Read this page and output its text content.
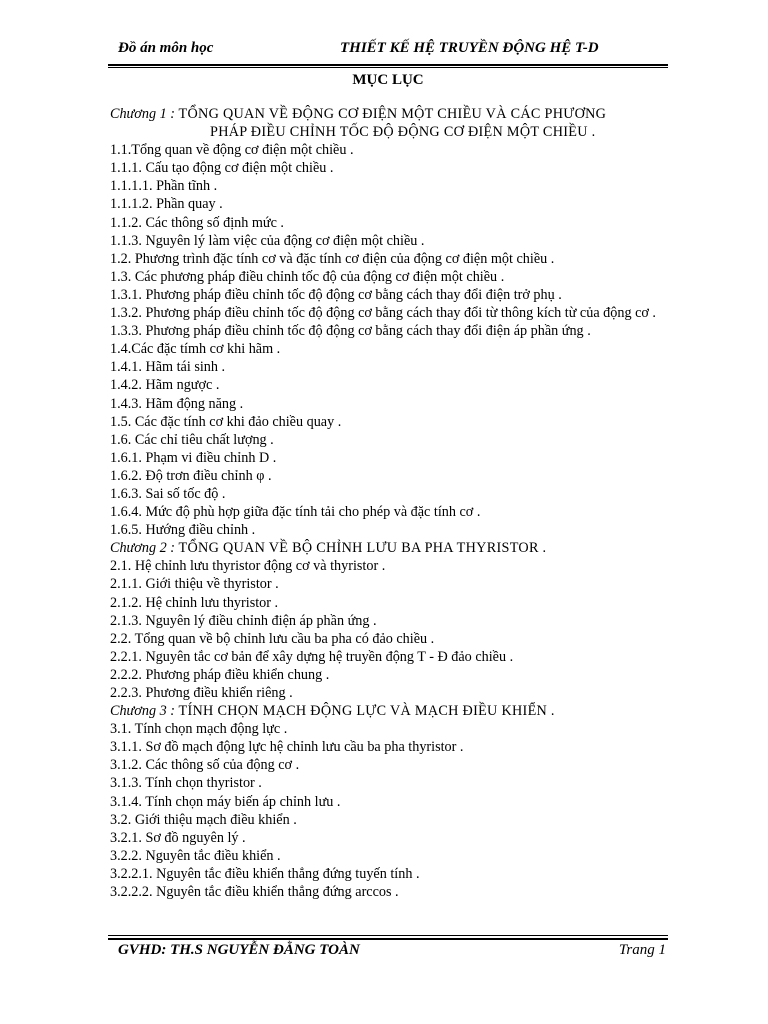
Đồ án môn học	THIẾT KẾ HỆ TRUYỀN ĐỘNG HỆ T-D
MỤC LỤC
Chương 1 : TỔNG QUAN VỀ ĐỘNG CƠ ĐIỆN MỘT CHIỀU VÀ CÁC PHƯƠNG
PHÁP ĐIỀU CHỈNH TỐC ĐỘ ĐỘNG CƠ ĐIỆN MỘT CHIỀU .
1.1.Tổng quan về động cơ điện một chiều .
1.1.1. Cấu tạo động cơ điện một chiều .
1.1.1.1. Phần tĩnh .
1.1.1.2. Phần quay .
1.1.2. Các thông số định mức .
1.1.3. Nguyên lý làm việc của động cơ điện một chiều .
1.2. Phương trình đặc tính cơ và đặc tính cơ điện của động cơ điện một chiều .
1.3. Các phương pháp điều chỉnh tốc độ của động cơ điện một chiều .
1.3.1. Phương pháp điều chỉnh tốc độ động cơ bằng cách thay đổi điện trở phụ .
1.3.2. Phương pháp điều chỉnh tốc độ động cơ bằng cách thay đổi từ thông kích từ của động cơ .
1.3.3. Phương pháp điều chỉnh tốc độ động cơ bằng cách thay đổi điện áp phần ứng .
1.4.Các đặc tímh cơ khi hãm .
1.4.1. Hãm tái sinh .
1.4.2. Hãm ngược .
1.4.3. Hãm động năng .
1.5. Các đặc tính cơ khi đảo chiều quay .
1.6. Các chỉ tiêu chất lượng .
1.6.1. Phạm vi điều chỉnh D .
1.6.2. Độ trơn điều chỉnh φ .
1.6.3. Sai số tốc độ .
1.6.4. Mức độ phù hợp giữa đặc tính tải cho phép và đặc tính cơ .
1.6.5. Hướng điều chỉnh .
Chương 2 : TỔNG QUAN VỀ BỘ CHỈNH LƯU BA PHA THYRISTOR .
2.1. Hệ chỉnh lưu thyristor động cơ và thyristor .
2.1.1. Giới thiệu về thyristor .
2.1.2. Hệ chỉnh lưu thyristor .
2.1.3. Nguyên lý điều chỉnh điện áp phần ứng .
2.2. Tổng quan về bộ chỉnh lưu cầu ba pha có đảo chiều .
2.2.1. Nguyên tắc cơ bản để xây dựng hệ truyền động T - Đ đảo chiều .
2.2.2. Phương pháp điều khiển chung .
2.2.3. Phương điều khiển riêng .
Chương 3 : TÍNH CHỌN MẠCH ĐỘNG LỰC VÀ MẠCH ĐIỀU KHIỂN .
3.1. Tính chọn mạch động lực .
3.1.1. Sơ đồ mạch động lực hệ chỉnh lưu cầu ba pha thyristor .
3.1.2. Các thông số của động cơ .
3.1.3. Tính chọn thyristor .
3.1.4. Tính chọn máy biến áp chỉnh lưu .
3.2. Giới thiệu mạch điều khiển .
3.2.1. Sơ đồ nguyên lý .
3.2.2. Nguyên tắc điều khiển .
3.2.2.1. Nguyên tắc điều khiển thẳng đứng tuyến tính .
3.2.2.2. Nguyên tắc điều khiển thẳng đứng arccos .
GVHD: TH.S NGUYỄN ĐẰNG TOÀN	Trang 1
